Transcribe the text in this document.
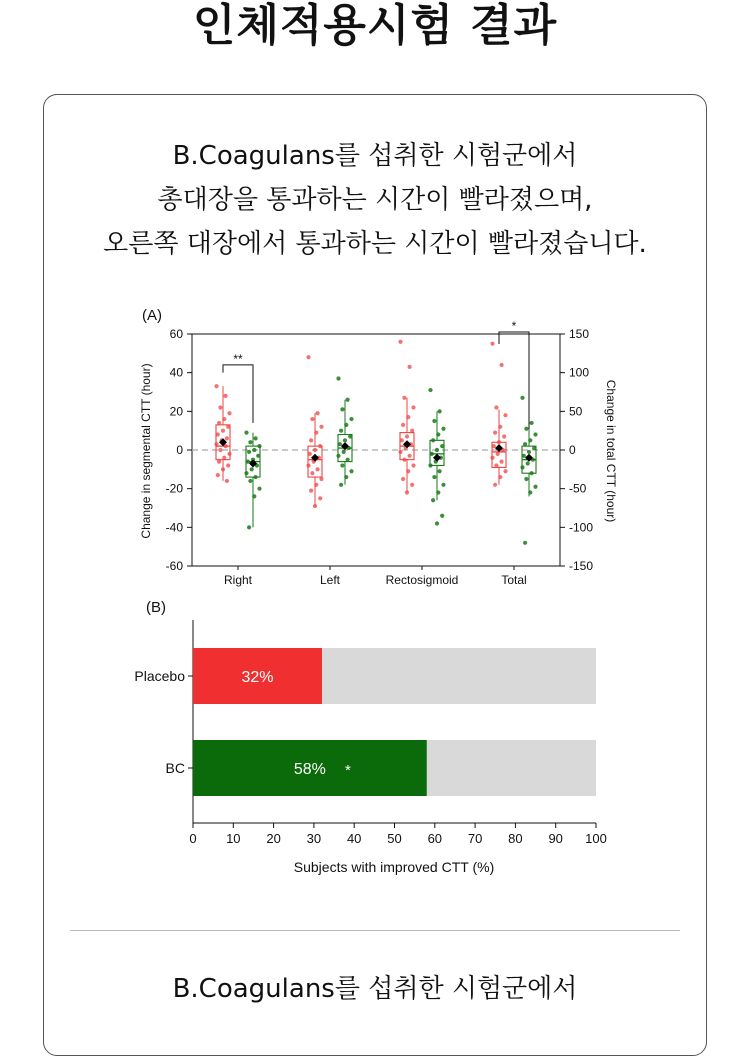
인체적용시험 결과
B.Coagulans를 섭취한 시험군에서
총대장을 통과하는 시간이 빨라졌으며,
오른쪽 대장에서 통과하는 시간이 빨라졌습니다.
(A)
Change in segmental CTT (hour)	Change in total CTT (hour)
-60
-40
-20
0
20
40
60
-150
-100
-50
0
50
100
150
Right	Left	Rectosigmoid	Total
**
*
(B)
Subjects with improved CTT (%)
0 10 20 30 40 50 60 70 80 90 100
Placebo	32%
BC	58% *
B.Coagulans를 섭취한 시험군에서
